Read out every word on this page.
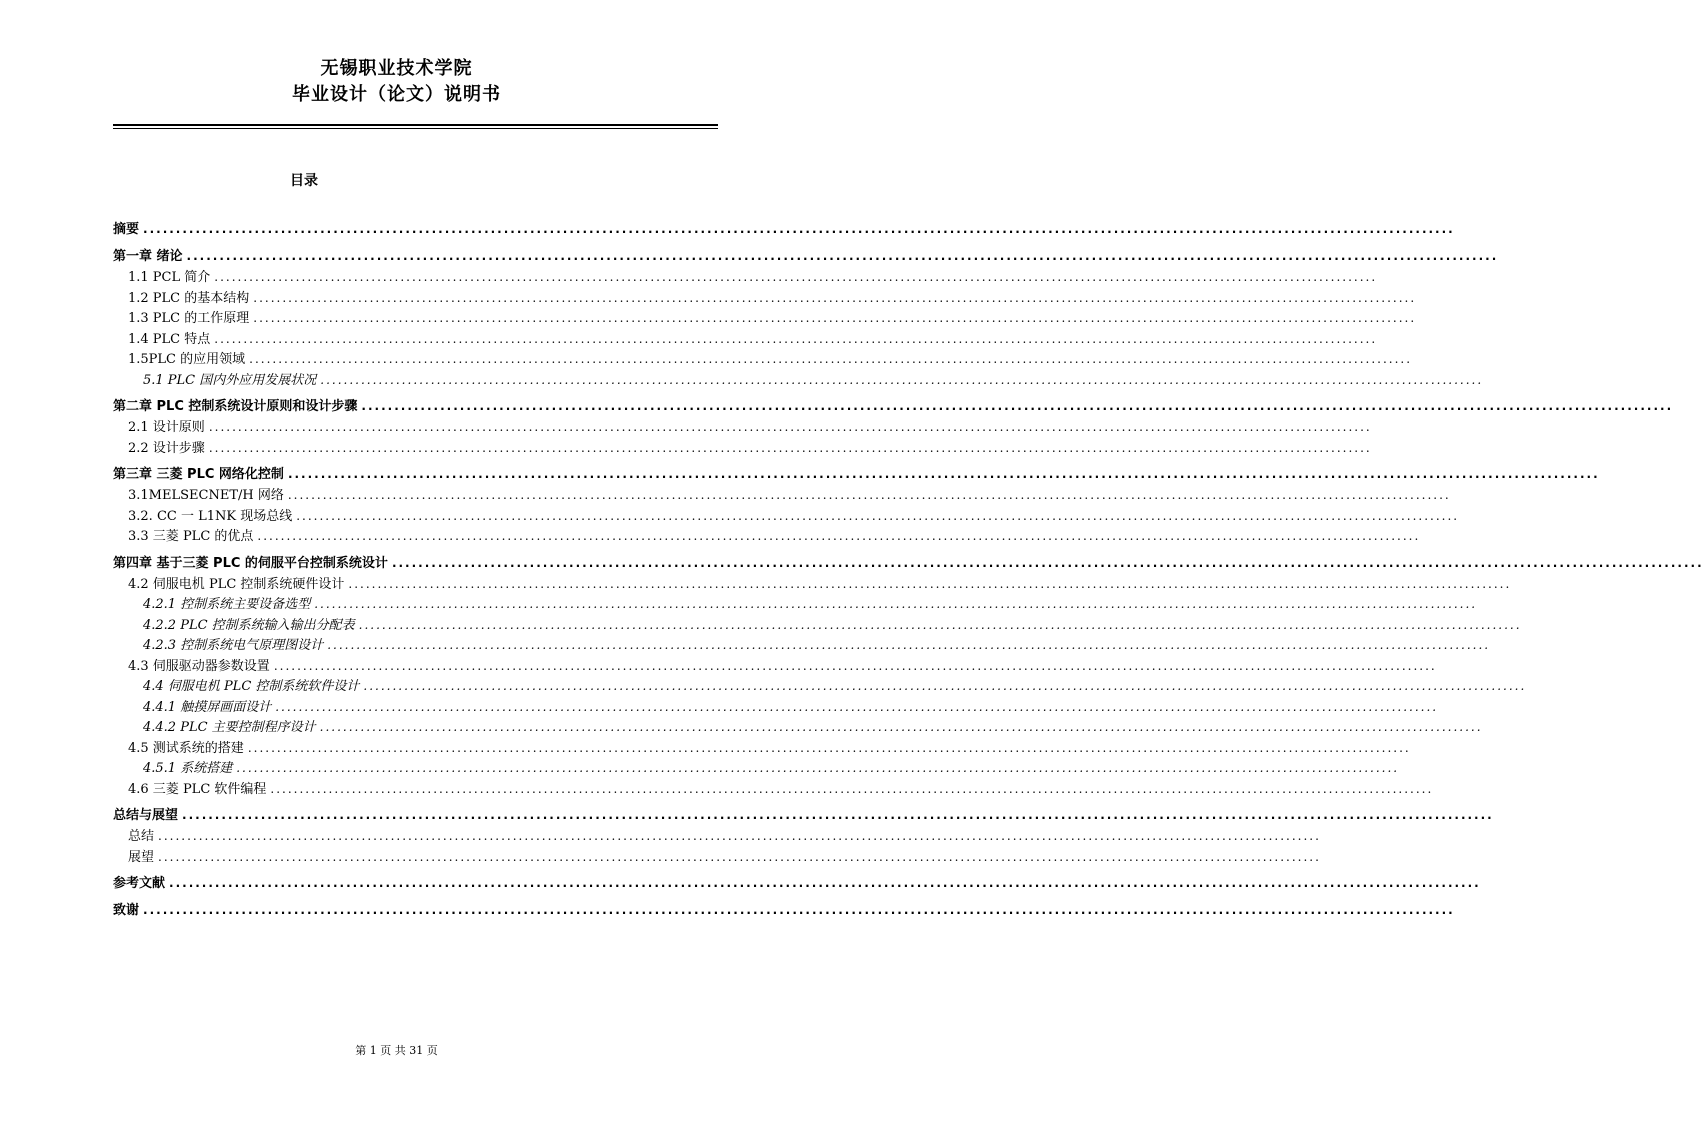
无锡职业技术学院
毕业设计（论文）说明书
目录
摘要 ........................................................................................................................................................................................................
第一章 绪论 ........................................................................................................................................................................................................
1.1 PCL 简介 ........................................................................................................................................................................................................
1.2 PLC 的基本结构 ........................................................................................................................................................................................................
1.3 PLC 的工作原理 ........................................................................................................................................................................................................
1.4 PLC 特点 ........................................................................................................................................................................................................
1.5PLC 的应用领域 ........................................................................................................................................................................................................
5.1 PLC 国内外应用发展状况 ........................................................................................................................................................................................................
第二章 PLC 控制系统设计原则和设计步骤 ........................................................................................................................................................................................................
2.1 设计原则 ........................................................................................................................................................................................................
2.2 设计步骤 ........................................................................................................................................................................................................
第三章 三菱 PLC 网络化控制 ........................................................................................................................................................................................................
3.1MELSECNET/H 网络 ........................................................................................................................................................................................................
3.2. CC 一 L1NK 现场总线 ........................................................................................................................................................................................................
3.3 三菱 PLC 的优点 ........................................................................................................................................................................................................
第四章 基于三菱 PLC 的伺服平台控制系统设计 ........................................................................................................................................................................................................
4.2 伺服电机 PLC 控制系统硬件设计 ........................................................................................................................................................................................................
4.2.1 控制系统主要设备选型 ........................................................................................................................................................................................................
4.2.2 PLC 控制系统输入输出分配表 ........................................................................................................................................................................................................
4.2.3 控制系统电气原理图设计 ........................................................................................................................................................................................................
4.3 伺服驱动器参数设置 ........................................................................................................................................................................................................
4.4 伺服电机 PLC 控制系统软件设计 ........................................................................................................................................................................................................
4.4.1 触摸屏画面设计 ........................................................................................................................................................................................................
4.4.2 PLC 主要控制程序设计 ........................................................................................................................................................................................................
4.5 测试系统的搭建 ........................................................................................................................................................................................................
4.5.1 系统搭建 ........................................................................................................................................................................................................
4.6 三菱 PLC 软件编程 ........................................................................................................................................................................................................
总结与展望 ........................................................................................................................................................................................................
总结 ........................................................................................................................................................................................................
展望 ........................................................................................................................................................................................................
参考文献 ........................................................................................................................................................................................................
致谢 ........................................................................................................................................................................................................
第 1 页 共 31 页
